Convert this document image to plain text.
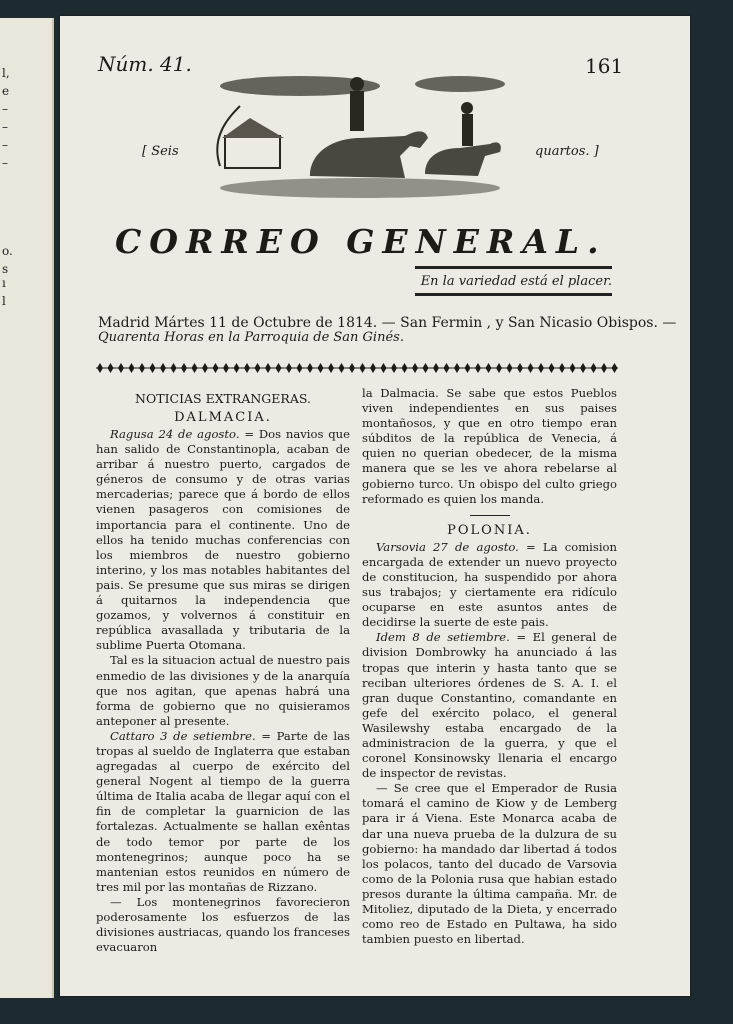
l,
e
–
–
–
–
o.
s
ı
l
Núm. 41.	161
[ Seis	quartos. ]
CORREO GENERAL.
En la variedad está el placer.
Madrid Mártes 11 de Octubre de 1814. — San Fermin , y San Nicasio Obispos. —
Quarenta Horas en la Parroquia de San Ginés.

NOTICIAS EXTRANGERAS.

DALMACIA.

Ragusa 24 de agosto. = Dos navios que han salido de Constantinopla, acaban de arribar á nuestro puerto, cargados de géneros de consumo y de otras varias mercaderias; parece que á bordo de ellos vienen pasageros con comisiones de importancia para el continente. Uno de ellos ha tenido muchas conferencias con los miembros de nuestro gobierno interino, y los mas notables habitantes del pais. Se presume que sus miras se dirigen á quitarnos la independencia que gozamos, y volvernos á constituir en república avasallada y tributaria de la sublime Puerta Otomana.

Tal es la situacion actual de nuestro pais enmedio de las divisiones y de la anarquía que nos agitan, que apenas habrá una forma de gobierno que no quisieramos anteponer al presente.

Cattaro 3 de setiembre. = Parte de las tropas al sueldo de Inglaterra que estaban agregadas al cuerpo de exército del general Nogent al tiempo de la guerra última de Italia acaba de llegar aquí con el fin de completar la guarnicion de las fortalezas. Actualmente se hallan exêntas de todo temor por parte de los montenegrinos; aunque poco ha se mantenian estos reunidos en número de tres mil por las montañas de Rizzano.

— Los montenegrinos favorecieron poderosamente los esfuerzos de las divisiones austriacas, quando los franceses evacuaron

la Dalmacia. Se sabe que estos Pueblos viven independientes en sus paises montañosos, y que en otro tiempo eran súbditos de la república de Venecia, á quien no querian obedecer, de la misma manera que se les ve ahora rebelarse al gobierno turco. Un obispo del culto griego reformado es quien los manda.

POLONIA.

Varsovia 27 de agosto. = La comision encargada de extender un nuevo proyecto de constitucion, ha suspendido por ahora sus trabajos; y ciertamente era ridículo ocuparse en este asuntos antes de decidirse la suerte de este pais.

Idem 8 de setiembre. = El general de division Dombrowky ha anunciado á las tropas que interin y hasta tanto que se reciban ulteriores órdenes de S. A. I. el gran duque Constantino, comandante en gefe del exército polaco, el general Wasilewshy estaba encargado de la administracion de la guerra, y que el coronel Konsinowsky llenaria el encargo de inspector de revistas.

— Se cree que el Emperador de Rusia tomará el camino de Kiow y de Lemberg para ir á Viena. Este Monarca acaba de dar una nueva prueba de la dulzura de su gobierno: ha mandado dar libertad á todos los polacos, tanto del ducado de Varsovia como de la Polonia rusa que habian estado presos durante la última campaña. Mr. de Mitoliez, diputado de la Dieta, y encerrado como reo de Estado en Pultawa, ha sido tambien puesto en libertad.
